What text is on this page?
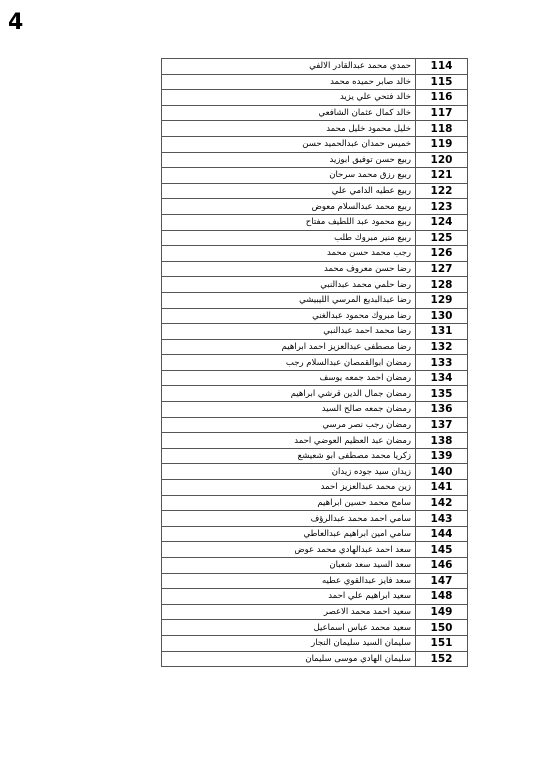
4
114	حمدي محمد عبدالقادر الالفي
115	خالد صابر حميده محمد
116	خالد فتحي علي يزيد
117	خالد كمال عثمان الشافعي
118	خليل محمود خليل محمد
119	خميس حمدان عبدالحميد حسن
120	ربيع حسن توفيق ابوزيد
121	ربيع رزق محمد سرحان
122	ربيع عطيه الدامي علي
123	ربيع محمد عبدالسلام معوض
124	ربيع محمود عبد اللطيف مفتاح
125	ربيع منير مبروك طلب
126	رجب محمد حسن محمد
127	رضا حسن معروف محمد
128	رضا حلمي محمد عبدالنبي
129	رضا عبدالبديع المرسي الليبيشي
130	رضا مبروك محمود عبدالغني
131	رضا محمد احمد عبدالنبي
132	رضا مصطفى عبدالعزيز احمد ابراهيم
133	رمضان ابوالقمصان عبدالسلام رجب
134	رمضان احمد جمعه يوسف
135	رمضان جمال الدين قرشي ابراهيم
136	رمضان جمعه صالح السيد
137	رمضان رجب نصر مرسي
138	رمضان عبد العظيم العوضي احمد
139	زكريا محمد مصطفى ابو شعيشع
140	زيدان سيد جوده زيدان
141	زين محمد عبدالعزيز احمد
142	سامح محمد حسين ابراهيم
143	سامي احمد محمد عبدالرؤف
144	سامي امين ابراهيم عبدالعاطي
145	سعد احمد عبدالهادي محمد عوض
146	سعد السيد سعد شعبان
147	سعد فايز عبدالقوي عطيه
148	سعيد ابراهيم علي احمد
149	سعيد احمد محمد الاعصر
150	سعيد محمد عباس اسماعيل
151	سليمان السيد سليمان النجار
152	سليمان الهادي موسى سليمان
